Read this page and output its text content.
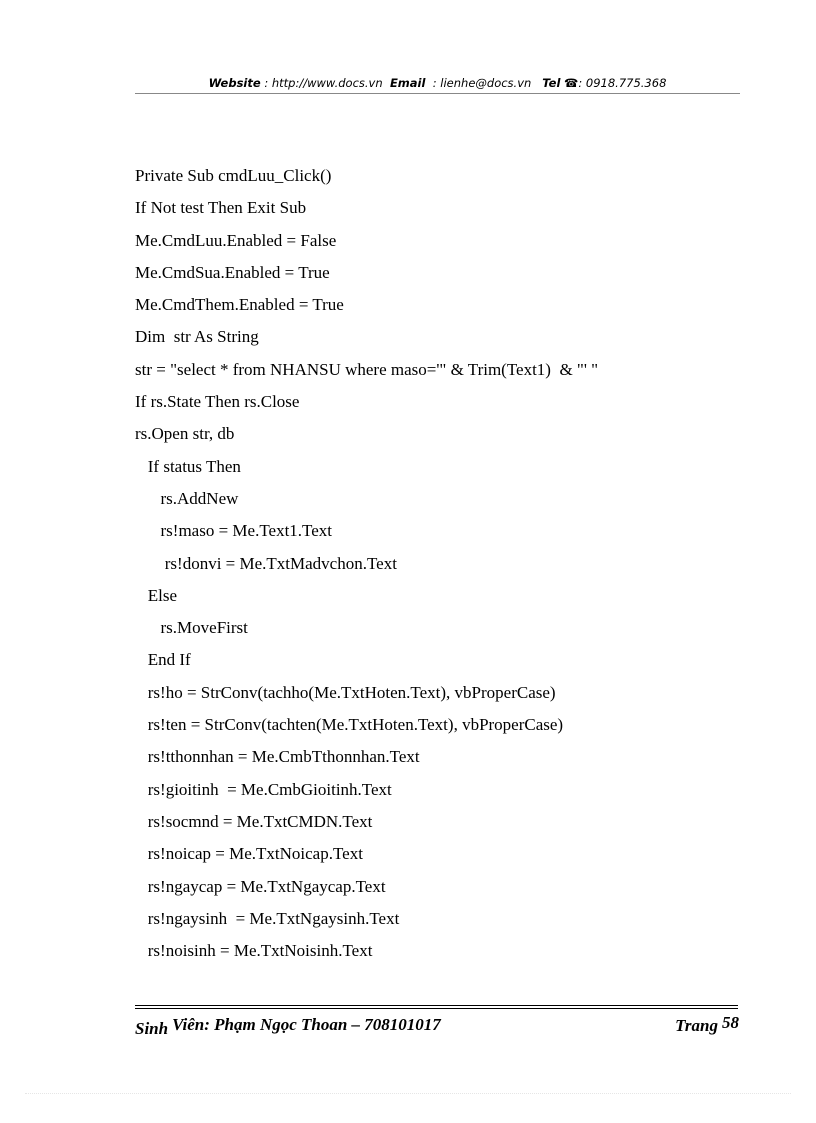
Website : http://www.docs.vn Email : lienhe@docs.vn Tel ☎: 0918.775.368
Private Sub cmdLuu_Click()
If Not test Then Exit Sub
Me.CmdLuu.Enabled = False
Me.CmdSua.Enabled = True
Me.CmdThem.Enabled = True
Dim  str As String
str = "select * from NHANSU where maso='" & Trim(Text1)  & "' "
If rs.State Then rs.Close
rs.Open str, db
If status Then
rs.AddNew
rs!maso = Me.Text1.Text
rs!donvi = Me.TxtMadvchon.Text
Else
rs.MoveFirst
End If
rs!ho = StrConv(tachho(Me.TxtHoten.Text), vbProperCase)
rs!ten = StrConv(tachten(Me.TxtHoten.Text), vbProperCase)
rs!tthonnhan = Me.CmbTthonnhan.Text
rs!gioitinh  = Me.CmbGioitinh.Text
rs!socmnd = Me.TxtCMDN.Text
rs!noicap = Me.TxtNoicap.Text
rs!ngaycap = Me.TxtNgaycap.Text
rs!ngaysinh  = Me.TxtNgaysinh.Text
rs!noisinh = Me.TxtNoisinh.Text
Sinh Viên: Phạm Ngọc Thoan – 708101017	Trang 58
